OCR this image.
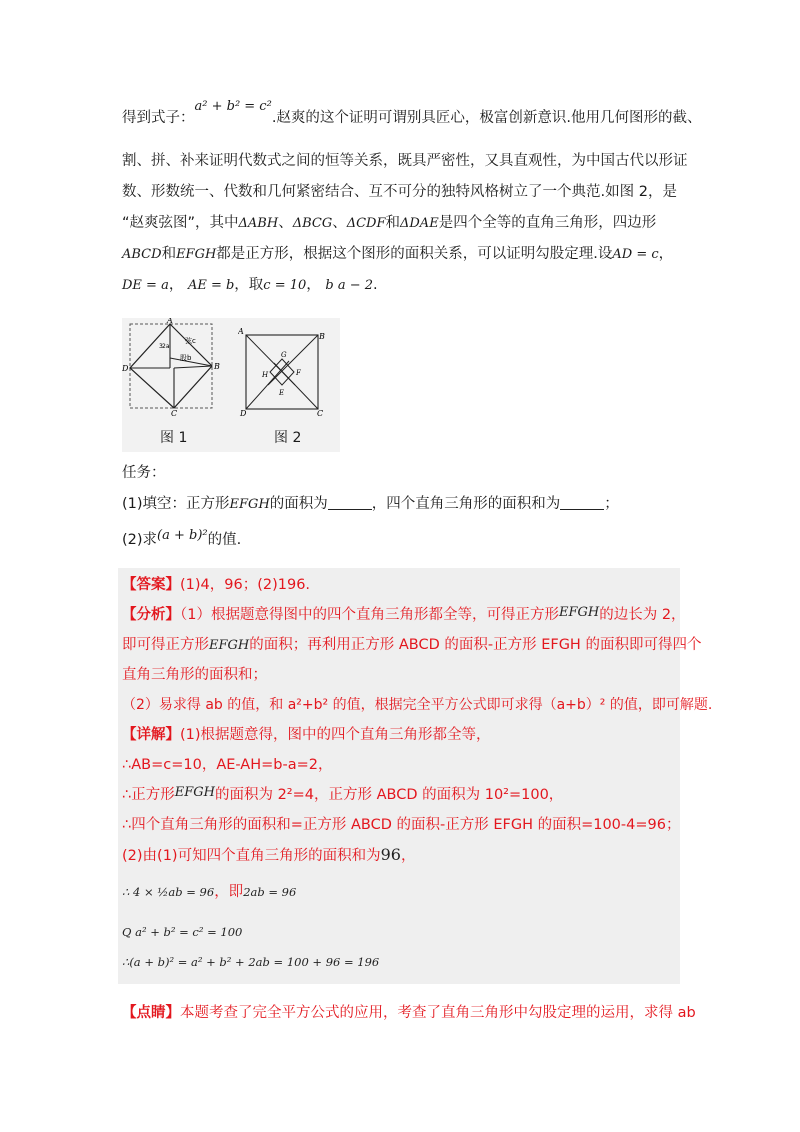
得到式子：a² + b² = c².赵爽的这个证明可谓别具匠心，极富创新意识.他用几何图形的截、
割、拼、补来证明代数式之间的恒等关系，既具严密性，又具直观性，为中国古代以形证
数、形数统一、代数和几何紧密结合、互不可分的独特风格树立了一个典范.如图 2，是
“赵爽弦图”，其中ΔABH、ΔBCG、ΔCDF和ΔDAE是四个全等的直角三角形，四边形
ABCD和EFGH都是正方形，根据这个图形的面积关系，可以证明勾股定理.设AD = c，
DE = a， AE = b，取c = 10， b a − 2.
A
B
C
D
弦c
3 2a
股b
A
B
C
D
E
F
G
H
图 1	图 2
任务：
(1)填空：正方形EFGH的面积为	，四个直角三角形的面积和为	；
(2)求(a + b)²的值.
【答案】(1)4，96；(2)196.
【分析】（1）根据题意得图中的四个直角三角形都全等，可得正方形EFGH的边长为 2，
即可得正方形EFGH的面积；再利用正方形 ABCD 的面积-正方形 EFGH 的面积即可得四个
直角三角形的面积和；
（2）易求得 ab 的值，和 a²+b² 的值，根据完全平方公式即可求得（a+b）² 的值，即可解题.
【详解】(1)根据题意得，图中的四个直角三角形都全等，
∴AB=c=10，AE-AH=b-a=2，
∴正方形EFGH的面积为 2²=4，正方形 ABCD 的面积为 10²=100，
∴四个直角三角形的面积和=正方形 ABCD 的面积-正方形 EFGH 的面积=100-4=96；
(2)由(1)可知四个直角三角形的面积和为96，
∴ 4 × ½ab = 96，即2ab = 96
Q a² + b² = c² = 100
∴(a + b)² = a² + b² + 2ab = 100 + 96 = 196
【点睛】本题考查了完全平方公式的应用，考查了直角三角形中勾股定理的运用，求得 ab
